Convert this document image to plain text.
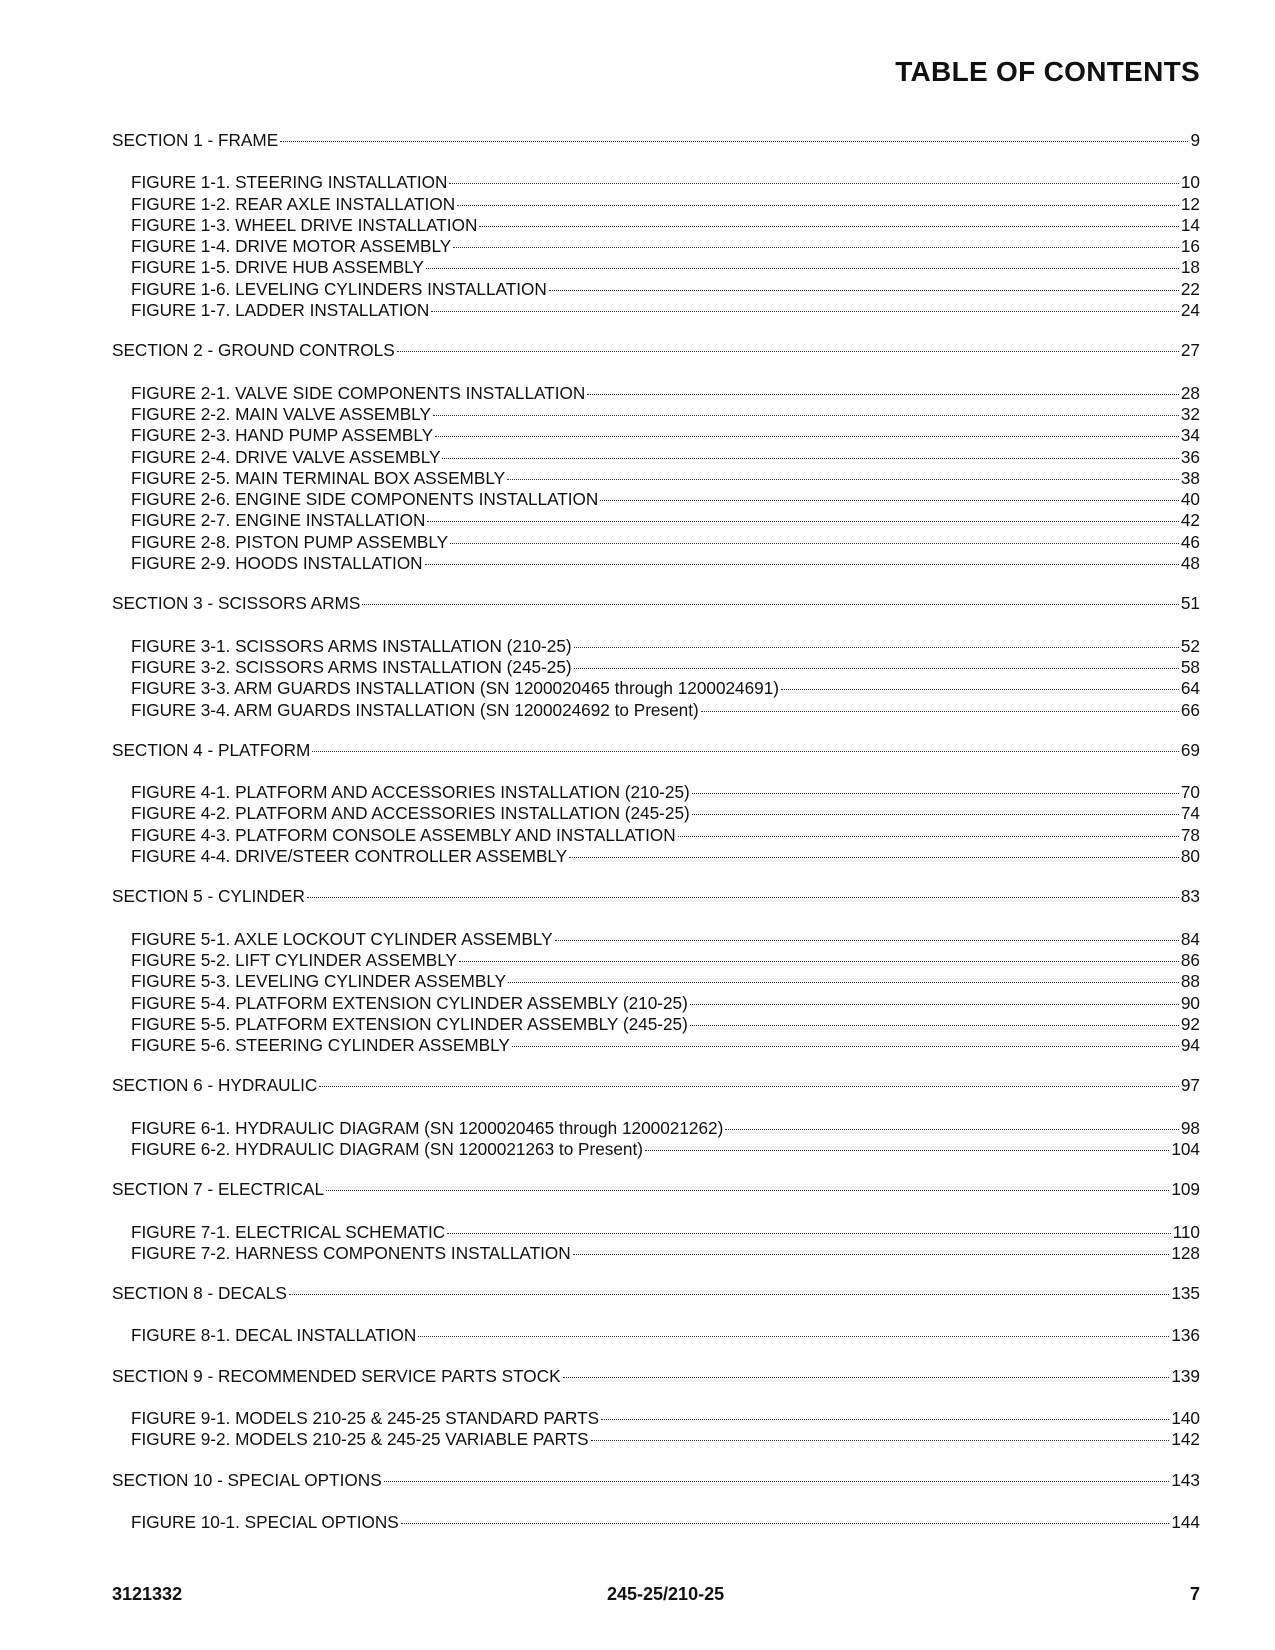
TABLE OF CONTENTS
SECTION 1 - FRAME	9
FIGURE 1-1. STEERING INSTALLATION	10
FIGURE 1-2. REAR AXLE INSTALLATION	12
FIGURE 1-3. WHEEL DRIVE INSTALLATION	14
FIGURE 1-4. DRIVE MOTOR ASSEMBLY	16
FIGURE 1-5. DRIVE HUB ASSEMBLY	18
FIGURE 1-6. LEVELING CYLINDERS INSTALLATION	22
FIGURE 1-7. LADDER INSTALLATION	24
SECTION 2 - GROUND CONTROLS	27
FIGURE 2-1. VALVE SIDE COMPONENTS INSTALLATION	28
FIGURE 2-2. MAIN VALVE ASSEMBLY	32
FIGURE 2-3. HAND PUMP ASSEMBLY	34
FIGURE 2-4. DRIVE VALVE ASSEMBLY	36
FIGURE 2-5. MAIN TERMINAL BOX ASSEMBLY	38
FIGURE 2-6. ENGINE SIDE COMPONENTS INSTALLATION	40
FIGURE 2-7. ENGINE INSTALLATION	42
FIGURE 2-8. PISTON PUMP ASSEMBLY	46
FIGURE 2-9. HOODS INSTALLATION	48
SECTION 3 - SCISSORS ARMS	51
FIGURE 3-1. SCISSORS ARMS INSTALLATION (210-25)	52
FIGURE 3-2. SCISSORS ARMS INSTALLATION (245-25)	58
FIGURE 3-3. ARM GUARDS INSTALLATION (SN 1200020465 through 1200024691)	64
FIGURE 3-4. ARM GUARDS INSTALLATION (SN 1200024692 to Present)	66
SECTION 4 - PLATFORM	69
FIGURE 4-1. PLATFORM AND ACCESSORIES INSTALLATION (210-25)	70
FIGURE 4-2. PLATFORM AND ACCESSORIES INSTALLATION (245-25)	74
FIGURE 4-3. PLATFORM CONSOLE ASSEMBLY AND INSTALLATION	78
FIGURE 4-4. DRIVE/STEER CONTROLLER ASSEMBLY	80
SECTION 5 - CYLINDER	83
FIGURE 5-1. AXLE LOCKOUT CYLINDER ASSEMBLY	84
FIGURE 5-2. LIFT CYLINDER ASSEMBLY	86
FIGURE 5-3. LEVELING CYLINDER ASSEMBLY	88
FIGURE 5-4. PLATFORM EXTENSION CYLINDER ASSEMBLY (210-25)	90
FIGURE 5-5. PLATFORM EXTENSION CYLINDER ASSEMBLY (245-25)	92
FIGURE 5-6. STEERING CYLINDER ASSEMBLY	94
SECTION 6 - HYDRAULIC	97
FIGURE 6-1. HYDRAULIC DIAGRAM (SN 1200020465 through 1200021262)	98
FIGURE 6-2. HYDRAULIC DIAGRAM (SN 1200021263 to Present)	104
SECTION 7 - ELECTRICAL	109
FIGURE 7-1. ELECTRICAL SCHEMATIC	110
FIGURE 7-2. HARNESS COMPONENTS INSTALLATION	128
SECTION 8 - DECALS	135
FIGURE 8-1. DECAL INSTALLATION	136
SECTION 9 - RECOMMENDED SERVICE PARTS STOCK	139
FIGURE 9-1. MODELS 210-25 & 245-25 STANDARD PARTS	140
FIGURE 9-2. MODELS 210-25 & 245-25 VARIABLE PARTS	142
SECTION 10 - SPECIAL OPTIONS	143
FIGURE 10-1. SPECIAL OPTIONS	144
3121332	245-25/210-25	7
